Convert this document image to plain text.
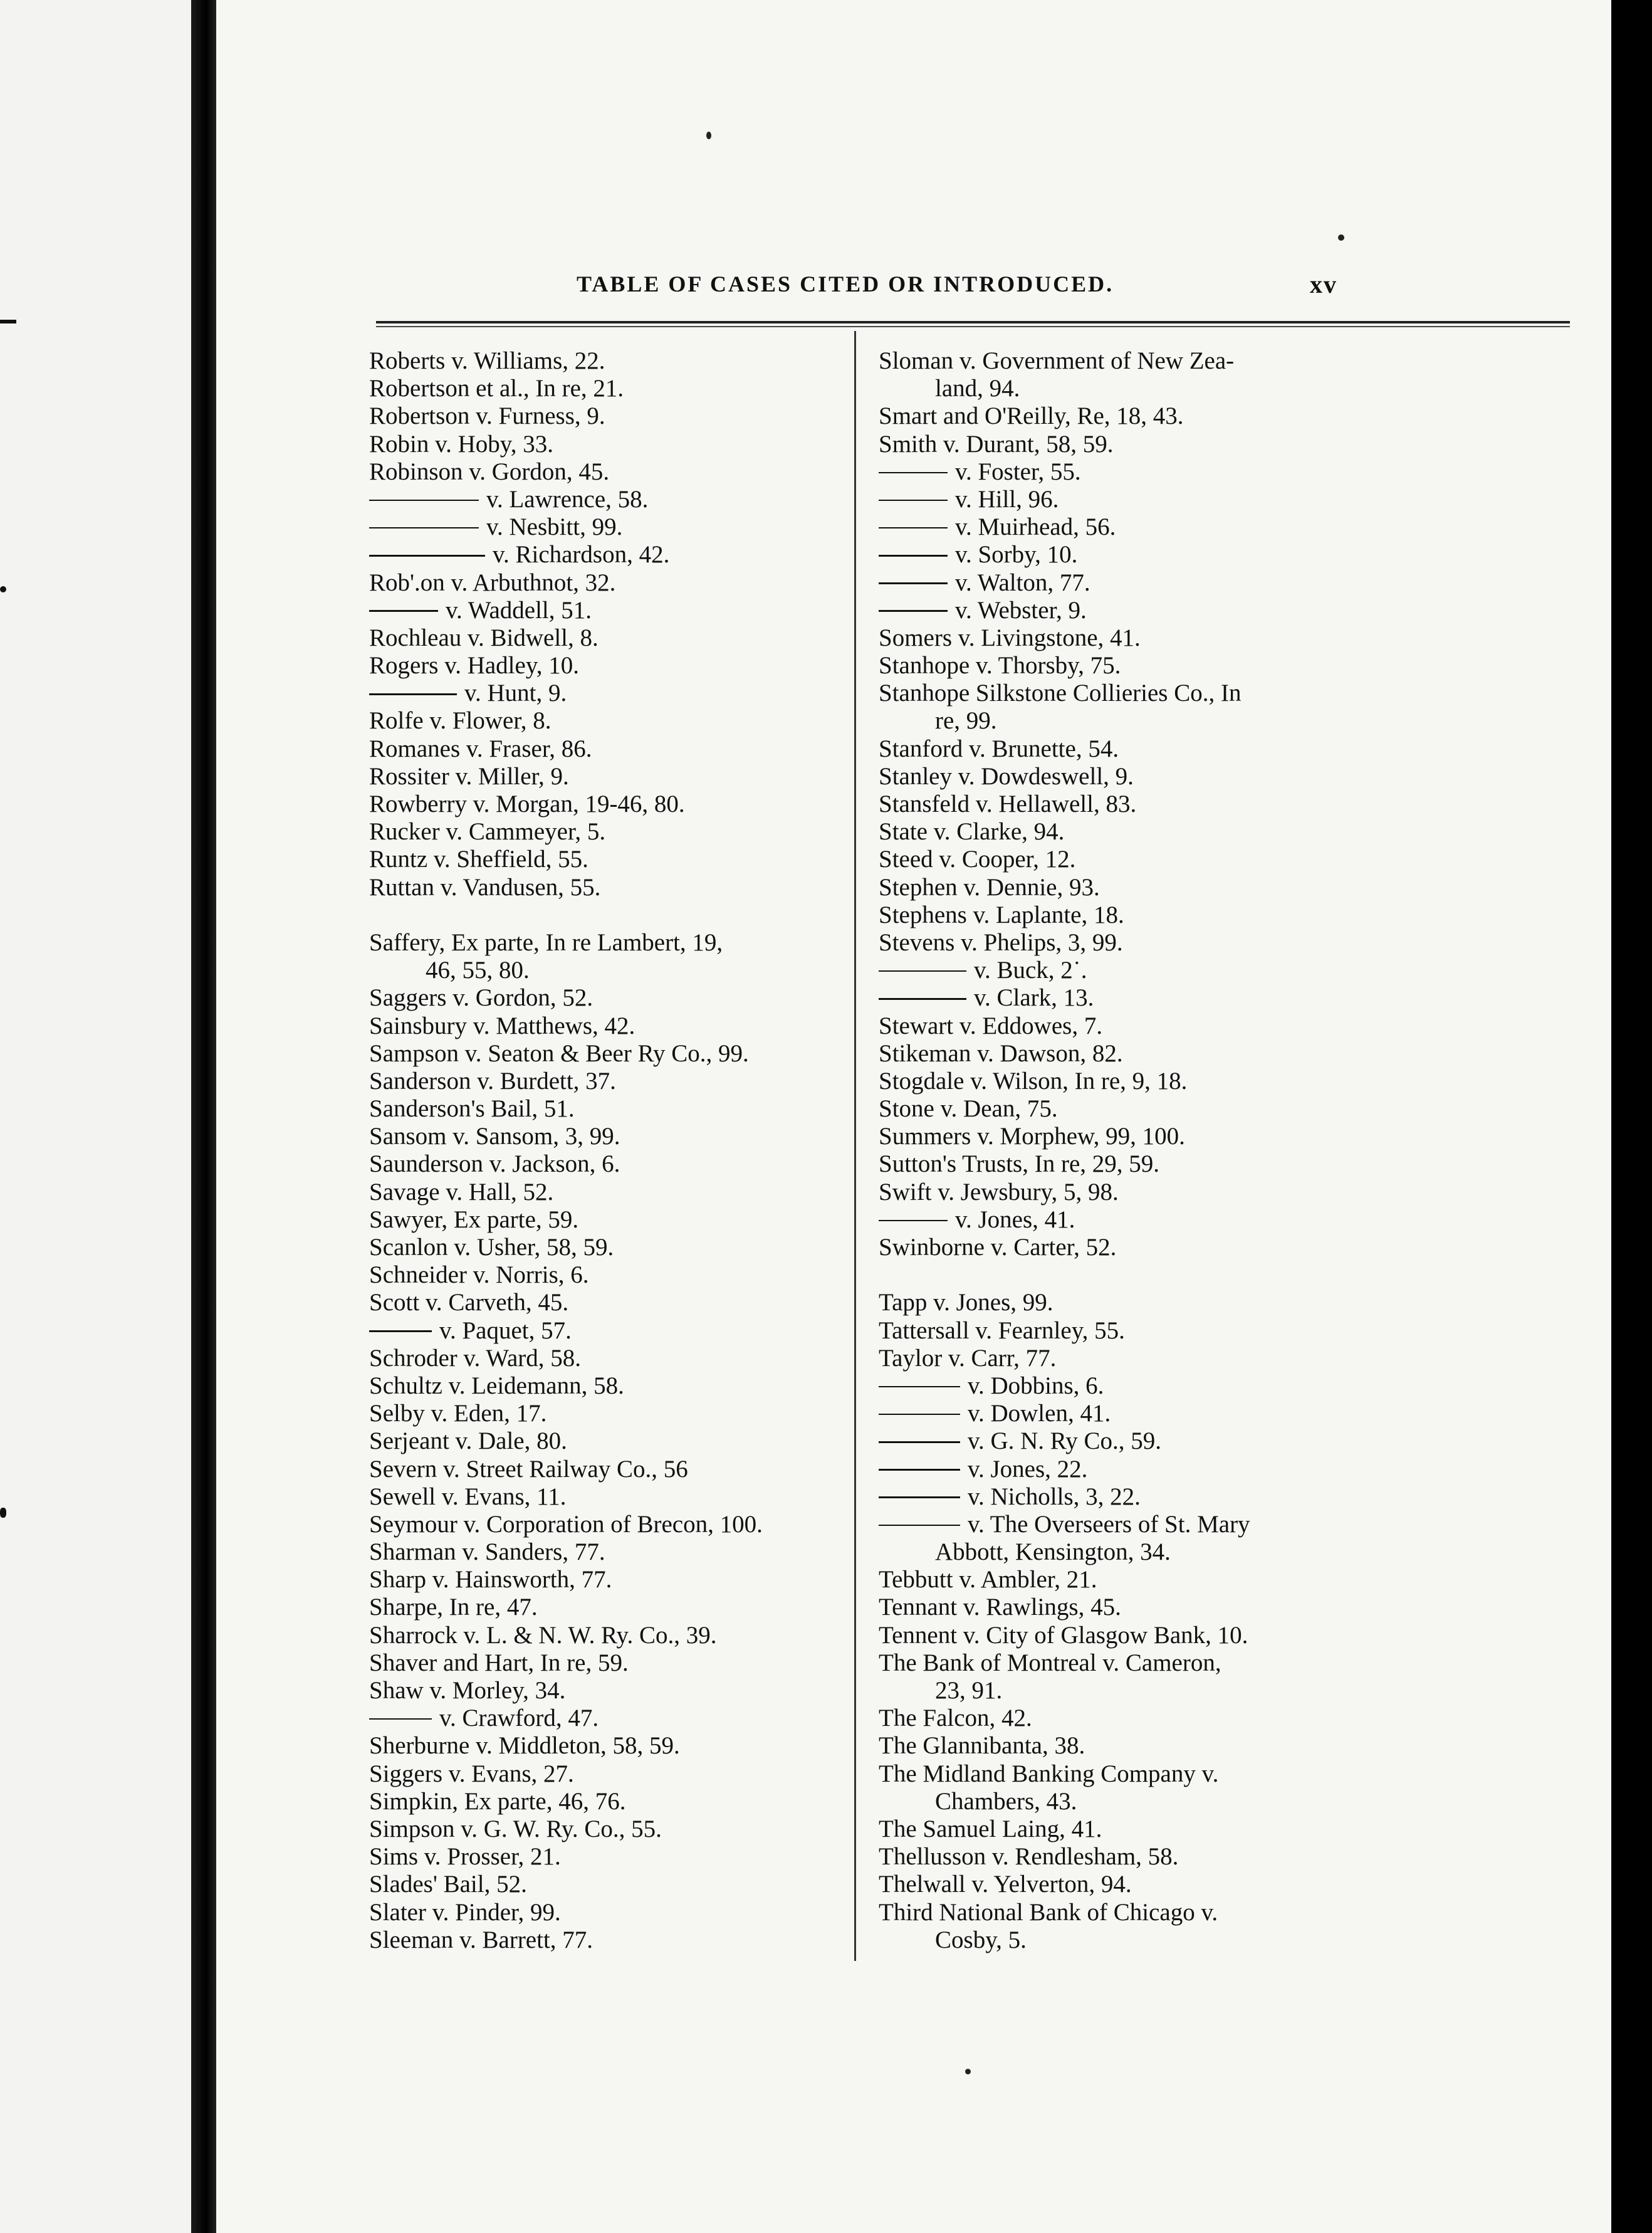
TABLE OF CASES CITED OR INTRODUCED.	xv
Roberts v. Williams, 22.
Robertson et al., In re, 21.
Robertson v. Furness, 9.
Robin v. Hoby, 33.
Robinson v. Gordon, 45.
v. Lawrence, 58.
v. Nesbitt, 99.
v. Richardson, 42.
Rob'.on v. Arbuthnot, 32.
v. Waddell, 51.
Rochleau v. Bidwell, 8.
Rogers v. Hadley, 10.
v. Hunt, 9.
Rolfe v. Flower, 8.
Romanes v. Fraser, 86.
Rossiter v. Miller, 9.
Rowberry v. Morgan, 19-46, 80.
Rucker v. Cammeyer, 5.
Runtz v. Sheffield, 55.
Ruttan v. Vandusen, 55.
Saffery, Ex parte, In re Lambert, 19,
46, 55, 80.
Saggers v. Gordon, 52.
Sainsbury v. Matthews, 42.
Sampson v. Seaton & Beer Ry Co., 99.
Sanderson v. Burdett, 37.
Sanderson's Bail, 51.
Sansom v. Sansom, 3, 99.
Saunderson v. Jackson, 6.
Savage v. Hall, 52.
Sawyer, Ex parte, 59.
Scanlon v. Usher, 58, 59.
Schneider v. Norris, 6.
Scott v. Carveth, 45.
v. Paquet, 57.
Schroder v. Ward, 58.
Schultz v. Leidemann, 58.
Selby v. Eden, 17.
Serjeant v. Dale, 80.
Severn v. Street Railway Co., 56
Sewell v. Evans, 11.
Seymour v. Corporation of Brecon, 100.
Sharman v. Sanders, 77.
Sharp v. Hainsworth, 77.
Sharpe, In re, 47.
Sharrock v. L. & N. W. Ry. Co., 39.
Shaver and Hart, In re, 59.
Shaw v. Morley, 34.
v. Crawford, 47.
Sherburne v. Middleton, 58, 59.
Siggers v. Evans, 27.
Simpkin, Ex parte, 46, 76.
Simpson v. G. W. Ry. Co., 55.
Sims v. Prosser, 21.
Slades' Bail, 52.
Slater v. Pinder, 99.
Sleeman v. Barrett, 77.
Sloman v. Government of New Zea-
land, 94.
Smart and O'Reilly, Re, 18, 43.
Smith v. Durant, 58, 59.
v. Foster, 55.
v. Hill, 96.
v. Muirhead, 56.
v. Sorby, 10.
v. Walton, 77.
v. Webster, 9.
Somers v. Livingstone, 41.
Stanhope v. Thorsby, 75.
Stanhope Silkstone Collieries Co., In
re, 99.
Stanford v. Brunette, 54.
Stanley v. Dowdeswell, 9.
Stansfeld v. Hellawell, 83.
State v. Clarke, 94.
Steed v. Cooper, 12.
Stephen v. Dennie, 93.
Stephens v. Laplante, 18.
Stevens v. Phelips, 3, 99.
v. Buck, 2˙.
v. Clark, 13.
Stewart v. Eddowes, 7.
Stikeman v. Dawson, 82.
Stogdale v. Wilson, In re, 9, 18.
Stone v. Dean, 75.
Summers v. Morphew, 99, 100.
Sutton's Trusts, In re, 29, 59.
Swift v. Jewsbury, 5, 98.
v. Jones, 41.
Swinborne v. Carter, 52.
Tapp v. Jones, 99.
Tattersall v. Fearnley, 55.
Taylor v. Carr, 77.
v. Dobbins, 6.
v. Dowlen, 41.
v. G. N. Ry Co., 59.
v. Jones, 22.
v. Nicholls, 3, 22.
v. The Overseers of St. Mary
Abbott, Kensington, 34.
Tebbutt v. Ambler, 21.
Tennant v. Rawlings, 45.
Tennent v. City of Glasgow Bank, 10.
The Bank of Montreal v. Cameron,
23, 91.
The Falcon, 42.
The Glannibanta, 38.
The Midland Banking Company v.
Chambers, 43.
The Samuel Laing, 41.
Thellusson v. Rendlesham, 58.
Thelwall v. Yelverton, 94.
Third National Bank of Chicago v.
Cosby, 5.
